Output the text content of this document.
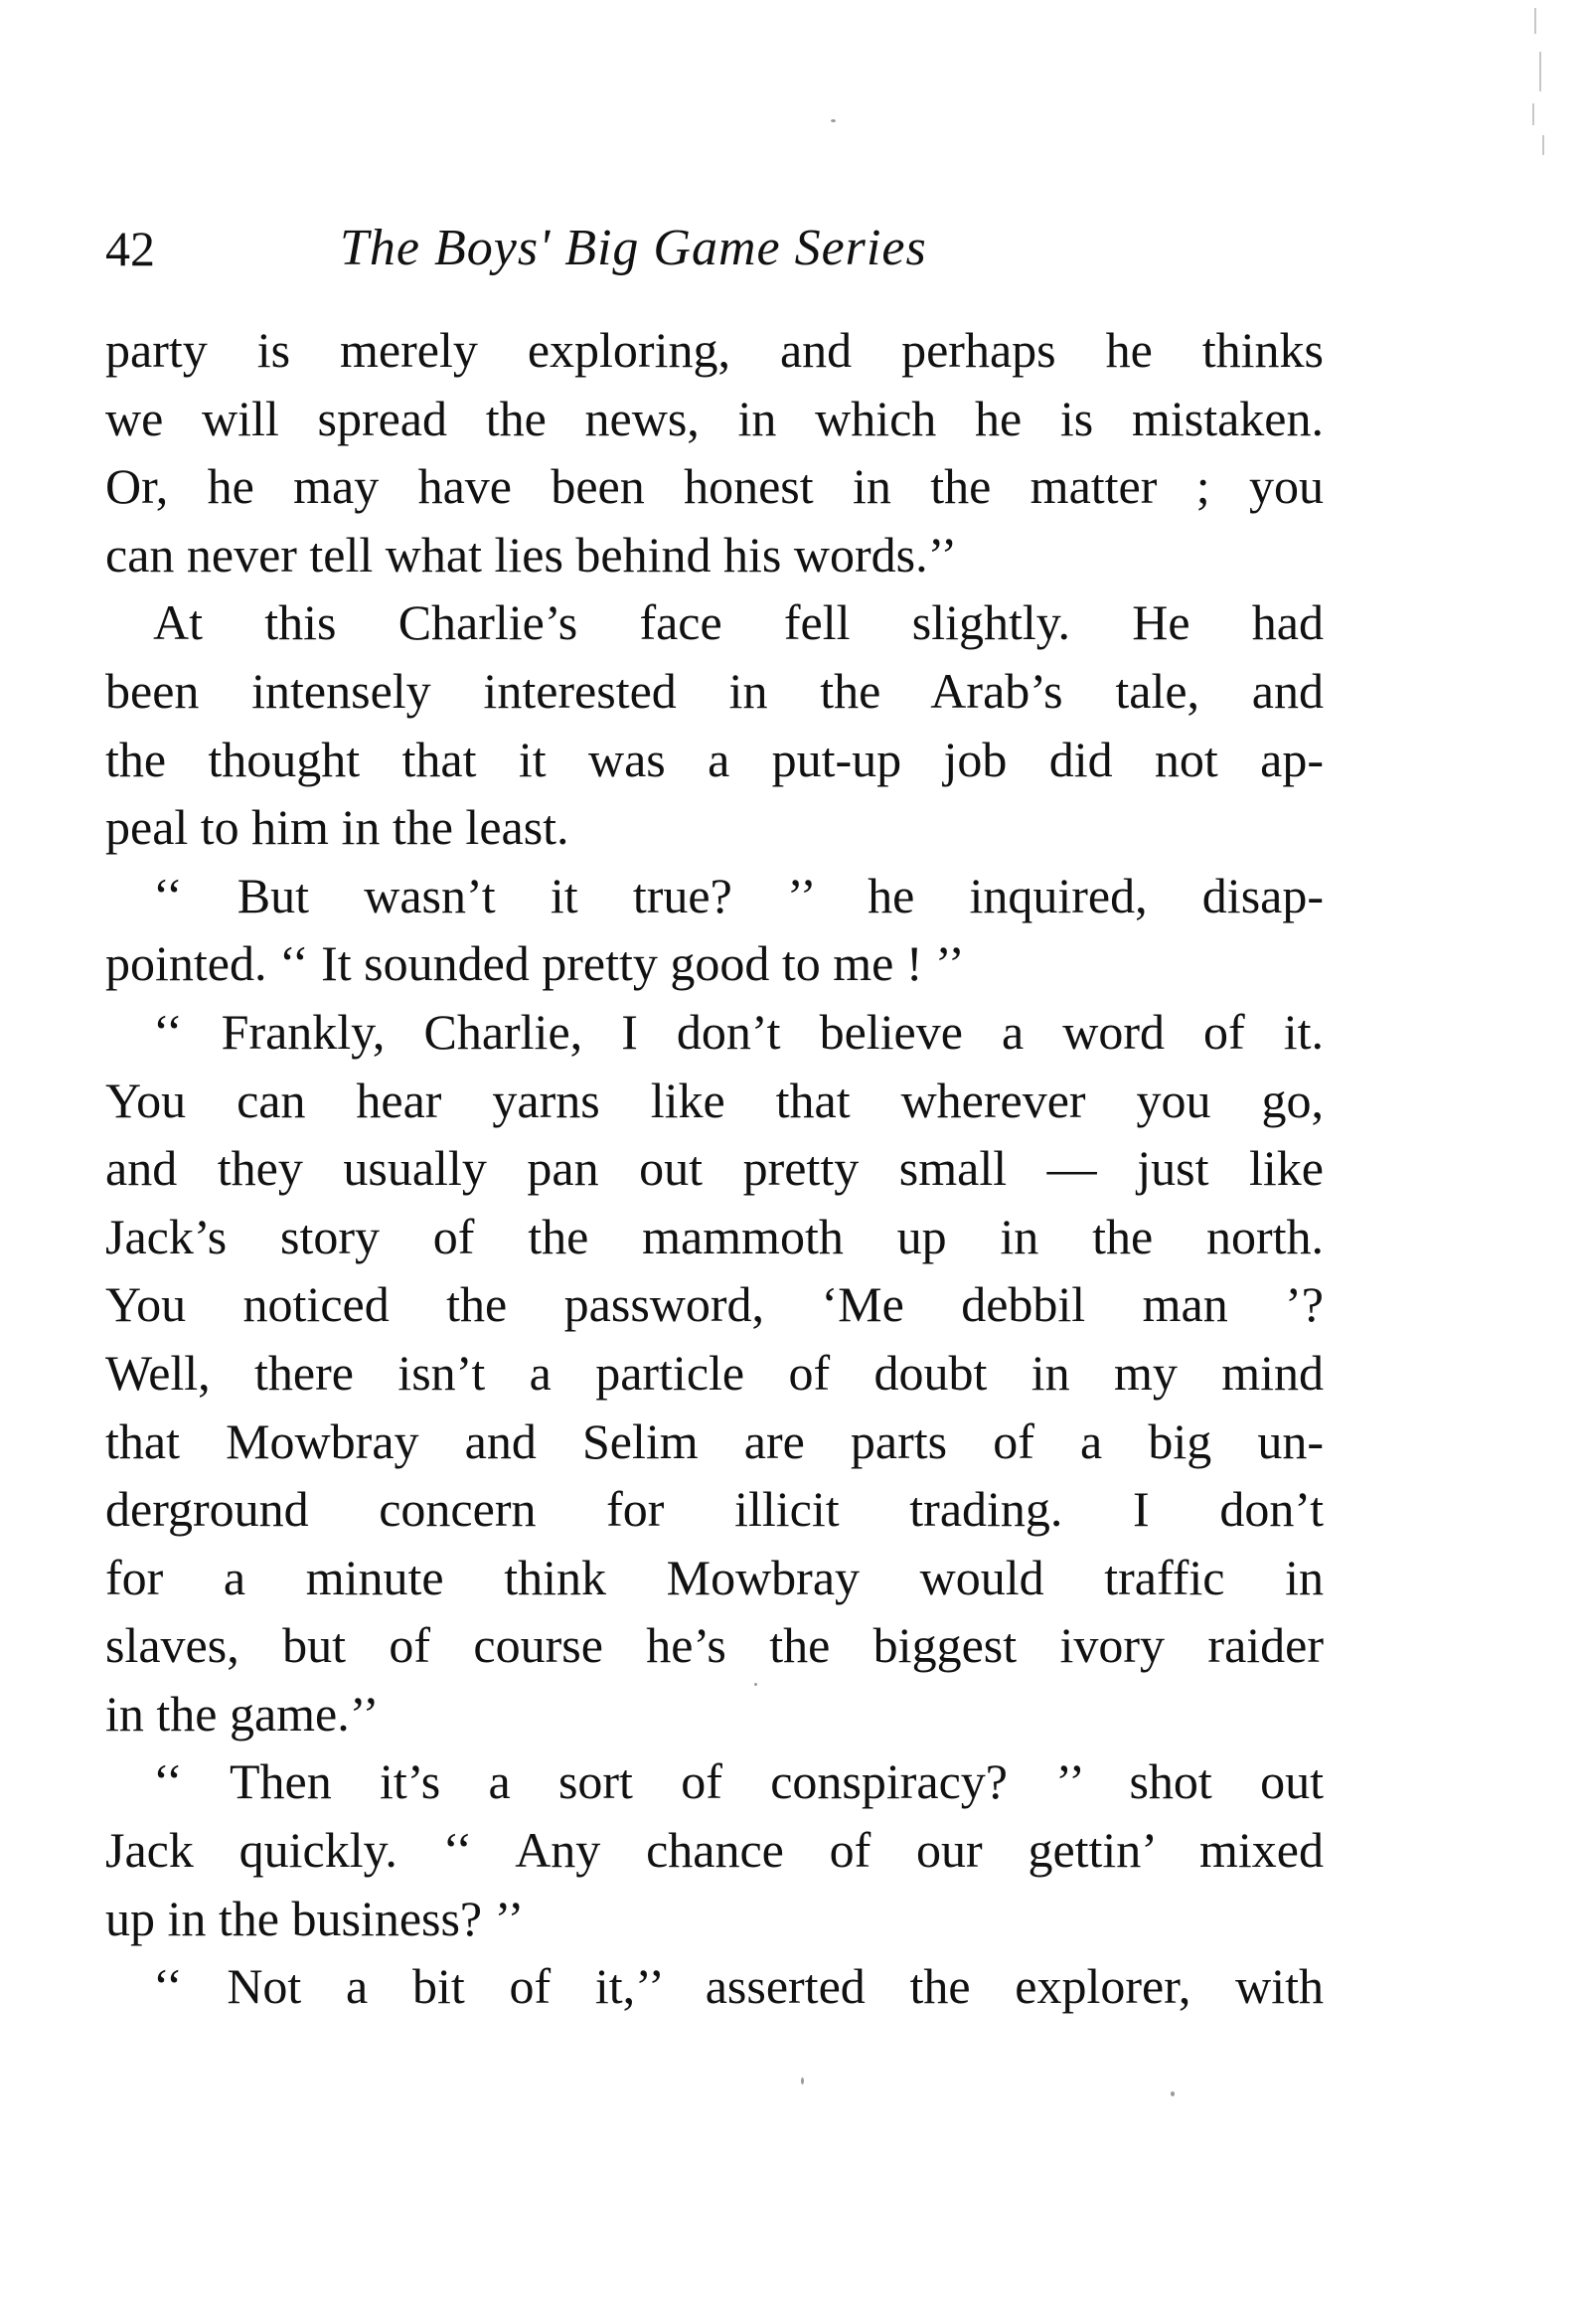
42	The Boys' Big Game Series
party is merely exploring, and perhaps he thinks
we will spread the news, in which he is mistaken.
Or, he may have been honest in the matter ; you
can never tell what lies behind his words.’’
At this Charlie’s face fell slightly. He had
been intensely interested in the Arab’s tale, and
the thought that it was a put-up job did not ap-
peal to him in the least.
‘‘ But wasn’t it true? ’’ he inquired, disap-
pointed. ‘‘ It sounded pretty good to me ! ’’
‘‘ Frankly, Charlie, I don’t believe a word of it.
You can hear yarns like that wherever you go,
and they usually pan out pretty small — just like
Jack’s story of the mammoth up in the north.
You noticed the password, ‘Me debbil man ’?
Well, there isn’t a particle of doubt in my mind
that Mowbray and Selim are parts of a big un-
derground concern for illicit trading. I don’t
for a minute think Mowbray would traffic in
slaves, but of course he’s the biggest ivory raider
in the game.’’
‘‘ Then it’s a sort of conspiracy? ’’ shot out
Jack quickly. ‘‘ Any chance of our gettin’ mixed
up in the business? ’’
‘‘ Not a bit of it,’’ asserted the explorer, with
